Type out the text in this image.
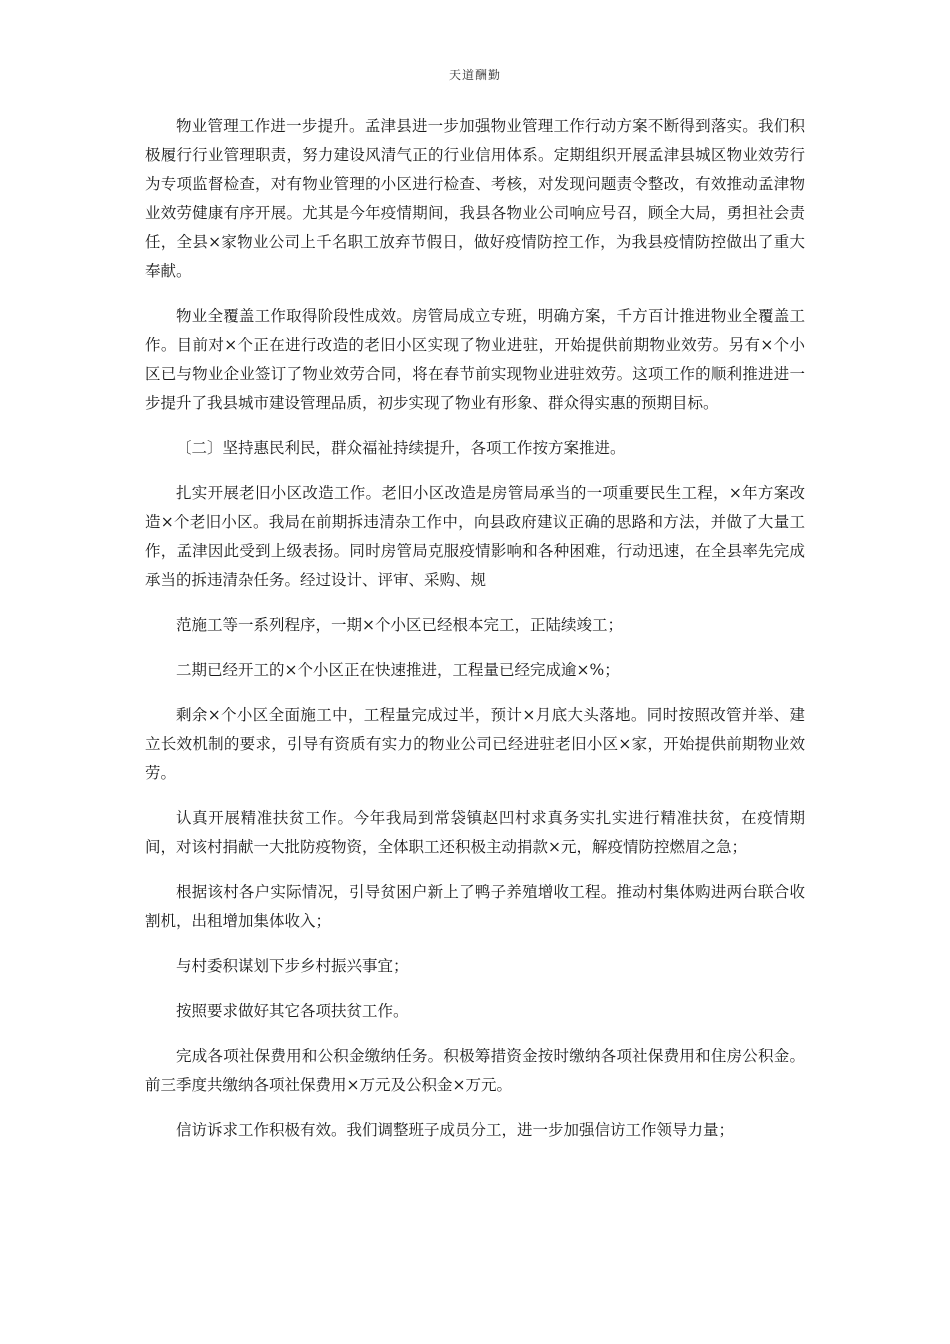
天道酬勤

物业管理工作进一步提升。孟津县进一步加强物业管理工作行动方案不断得到落实。我们积极履行行业管理职责，努力建设风清气正的行业信用体系。定期组织开展孟津县城区物业效劳行为专项监督检查，对有物业管理的小区进行检查、考核，对发现问题责令整改，有效推动孟津物业效劳健康有序开展。尤其是今年疫情期间，我县各物业公司响应号召，顾全大局，勇担社会责任，全县×家物业公司上千名职工放弃节假日，做好疫情防控工作，为我县疫情防控做出了重大奉献。

物业全覆盖工作取得阶段性成效。房管局成立专班，明确方案，千方百计推进物业全覆盖工作。目前对×个正在进行改造的老旧小区实现了物业进驻，开始提供前期物业效劳。另有×个小区已与物业企业签订了物业效劳合同，将在春节前实现物业进驻效劳。这项工作的顺利推进进一步提升了我县城市建设管理品质，初步实现了物业有形象、群众得实惠的预期目标。

〔二〕坚持惠民利民，群众福祉持续提升，各项工作按方案推进。

扎实开展老旧小区改造工作。老旧小区改造是房管局承当的一项重要民生工程，×年方案改造×个老旧小区。我局在前期拆违清杂工作中，向县政府建议正确的思路和方法，并做了大量工作，孟津因此受到上级表扬。同时房管局克服疫情影响和各种困难，行动迅速，在全县率先完成承当的拆违清杂任务。经过设计、评审、采购、规

范施工等一系列程序，一期×个小区已经根本完工，正陆续竣工；

二期已经开工的×个小区正在快速推进，工程量已经完成逾×%；

剩余×个小区全面施工中，工程量完成过半，预计×月底大头落地。同时按照改管并举、建立长效机制的要求，引导有资质有实力的物业公司已经进驻老旧小区×家，开始提供前期物业效劳。

认真开展精准扶贫工作。今年我局到常袋镇赵凹村求真务实扎实进行精准扶贫，在疫情期间，对该村捐献一大批防疫物资，全体职工还积极主动捐款×元，解疫情防控燃眉之急；

根据该村各户实际情况，引导贫困户新上了鸭子养殖增收工程。推动村集体购进两台联合收割机，出租增加集体收入；

与村委积谋划下步乡村振兴事宜；

按照要求做好其它各项扶贫工作。

完成各项社保费用和公积金缴纳任务。积极筹措资金按时缴纳各项社保费用和住房公积金。前三季度共缴纳各项社保费用×万元及公积金×万元。

信访诉求工作积极有效。我们调整班子成员分工，进一步加强信访工作领导力量；
